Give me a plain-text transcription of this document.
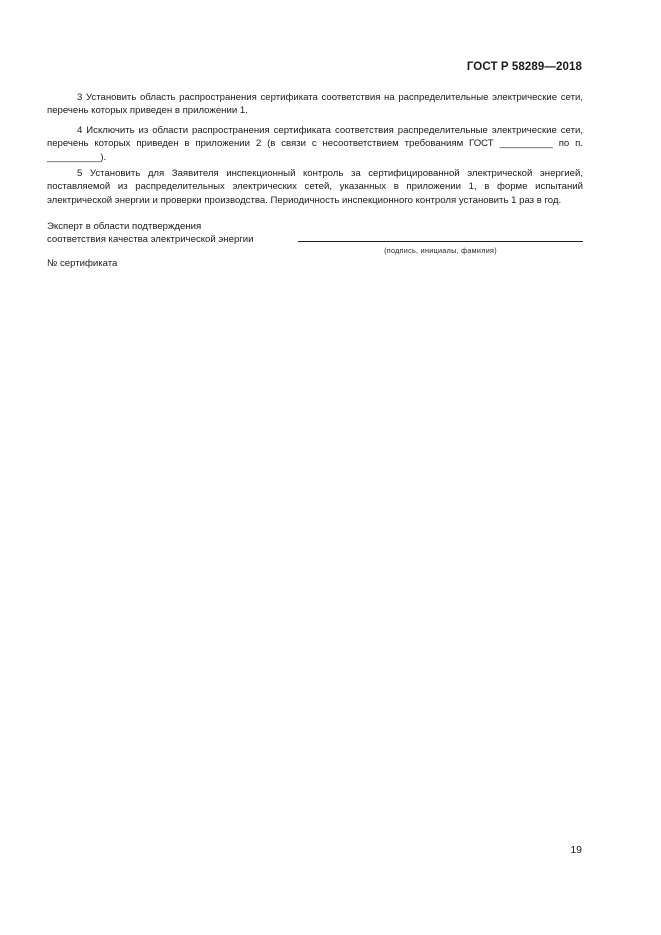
ГОСТ Р 58289—2018
3 Установить область распространения сертификата соответствия на распределительные электрические сети, перечень которых приведен в приложении 1.
4 Исключить из области распространения сертификата соответствия распределительные электрические сети, перечень которых приведен в приложении 2 (в связи с несоответствием требованиям ГОСТ __________ по п. __________).
5 Установить для Заявителя инспекционный контроль за сертифицированной электрической энергией, поставляемой из распределительных электрических сетей, указанных в приложении 1, в форме испытаний электрической энергии и проверки производства. Периодичность инспекционного контроля установить 1 раз в год.
Эксперт в области подтверждения
соответствия качества электрической энергии
(подпись, инициалы, фамилия)
№ сертификата
19
